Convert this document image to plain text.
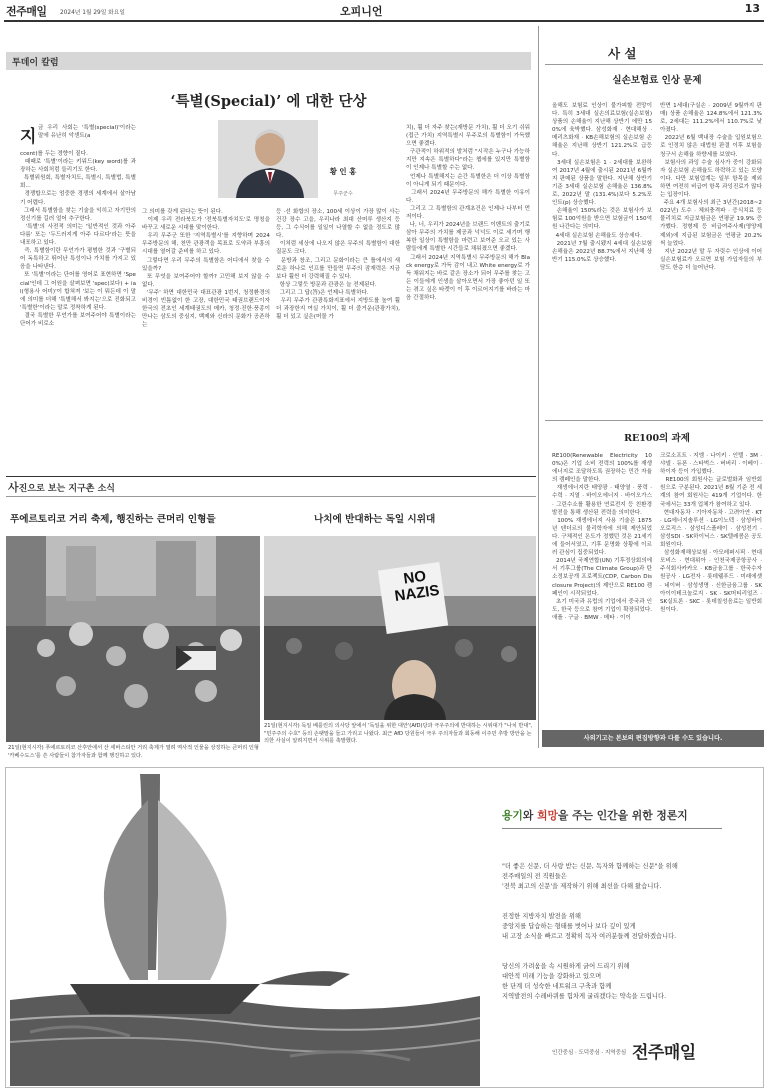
전주매일 2024년 1월 29일 화요일	오피니언	13
투데이 칼럼
‘특별(Special)’ 에 대한 단상
지 금 우리 사회는 '특별(special)'이라는 말에 유난히 악센트(a
ccent)를 두는 경향이 짙다.
때때로 '특별'이라는 키워드(key word)를 과장하는 사회처럼 들리기도 한다.
특별위원회, 특별자치도, 특별시, 특별법, 특별회...
경쟁합으로는 엄중한 경쟁의 세계에서 살아남기 어렵다.
그래서 특별함을 찾는 기술을 익히고 자기만의 정신기를 길러 얼어 추구한다.
'특별'의 사전적 의미는 '일반적인 것과 아주 다름' 또는 '두드러지게 아주 다르다'라는 뜻을 내포하고 있다.
즉, 특별함이란 무언가가 평범한 것과 '구별되어 독특하고 뛰어난 특성이나 가치를 가지고 있음을 나타낸다.
또 '특별'이라는 단어를 영어로 표현하면 'Special'인데 그 어원을 살펴보면 'spec(보다) + ial(형용사 어미)'이 합쳐져 '보는 이 뭐든데 이 말에 의미를 더해 '특별해서 봐지는'으로 진화되고 '특별한'이라는 말로 정착하게 된다.
결국 특별한 무언가를 보여주어야 특별이라는 단어가 비로소
황 인 홍
무주군수
그 의미를 갖게 된다는 뜻이 된다.
이제 우리 전라북도가 '전북특별자치도'로 명칭을 바꾸고 새로운 시대를 맞이한다.
우리 무주군 또한 '지역특별시'를 지향하며 2024 무주방문의 해, 천만 관광객을 목표로 도약과 부흥의 시대를 열어갈 준비를 하고 있다.
그렇다면 우리 무주의 특별함은 어디에서 찾을 수 있을까?
또 무엇을 보여주어야 할까? 고민해 보지 않을 수 없다.
'무주' 하면 대한민국 대표관광 1번지, 청정환경의 비경이 빈틈없이 한 고장, 대한민국 태권브랜드이자 한국의 전초인 세계태권도의 메카, 청정·진한·풍종이 만나는 삼도의 중심지, 백제와 신라의 문화가 공존하는
등 ·선 화합의 장소, 100세 이상이 가장 많이 사는 건강 장수 고을, 우리나라 최대 산머루 생산지 등등, 그 수식어를 일일이 나열할 수 없을 정도로 많다.
이처럼 세상에 나오지 않은 무주의 특별함이 대한 질문도 크다.
문방과 창조, 그리고 문화이라는 큰 틀에서의 새로운 하나로 인프를 만들면 무주의 잠재력은 지금보다 훨씬 더 강력해질 수 있다.
항상 그렇듯 방문과 관광은 늘 전제된다.
그리고 그 답(答)은 언제나 특별하다.
우리 무주가 관광특화지표에서 지방도를 높여 훨 더 과장한지 여실 가치이, 훨 더 즐거운(관광가치), 훨 더 있고 싶은(머물 가
치), 훨 더 자주 찾는(재방문 가치), 훨 더 오기 쉬워(접근 가치) 지역특별시 무주로의 특별함이 가득했으면 좋겠다.
구관적이 하위적의 발처럼 "시작은 누구나 가능하지만 지속은 특별하다"라는 쳅에를 있지만 특별함이 인제나 특별할 수는 없다.
언제나 특별해지는 순간 특별한은 더 이상 특별함이 아니게 되기 때문이다.
그래서 2024년 무주방문의 해가 특별한 이유이다.
그리고 그 특별함의 관계초건은 인제나 나부터 먼저이다.
나, 너, 우리가 2024년을 브랜드 이벤트의 출기로 삼아 무주의 가치를 제공과 넉넉도 이로 세기며 행복한 일상이 특별함을 마련고 보여준 오교 있는 사람들에게 특별한 시간들로 채워졌으면 좋겠다.
그래서 2024년 지역특별시 무주방문의 해가 Black energy로 가득 감이 내고 White energy로 가득 채워지는 바로 같은 장소가 되어 무주를 찾는 고든 이들에게 인생을 살아오면서 가장 좋아던 일 또는 겪고 싶은 타켓이 이 후 이르어지기를 바라는 마음 간절하다.
사 설
실손보험료 인상 문제
올해도 보험료 인상이 불가피할 전망이다. 특히 3세대 실손의료보험(실손보험) 상품의 손해율이 지난해 상반기 에만 150%에 육박했다. 삼성화재 · 현대해상 · 메리츠화재 · KB손해보험의 실손보험 손해율은 지난해 상반기 121.2%로 급등다.
3세대 실손보험은 1 · 2세대를 보완하여 2017년 4월에 출시된 2021년 6월까지 판매된 상품을 말한다. 지난해 상반기 기준 3세대 실손보험 손해율은 136.8%로, 2022년 말 (131.4%)보다 5.2%포인트(p) 상승했다.
손해율이 150%라는 것은 보험사가 보험료 100억원을 받으면 보험금이 150억원 나간다는 의미다.
4세대 실손보험 손해율도 상승세다.
2021년 7월 출시됐지 4세대 실손보험 손해율은 2022년 88.7%에서 지난해 상반기 115.0%로 상승했다.
반면 1세대(구실손 · 2009년 9월까지 판매) 상품 손해율은 124.8%에서 121.3%로, 2세대는 111.2%에서 110.7%로 낮아졌다.
2022년 6월 백내장 수술을 입원보험으로 인정치 않은 대법원 판결 이후 보험을 청구서 손해율 하향세를 보였다.
보험사의 과잉 수술 심사가 중이 강화되자 실손보험 손해율도 하락하고 있는 모양이다. 다만 보험업계는 일부 항목을 제외하면 여전히 비급여 항목 과잉진료가 많다는 입장이다.
주요 4개 보험사의 최근 3년간(2018~2022년) 도수 · 체외충격파 · 증식치료 등 물리치료 지급보험금은 연평균 19.9% 증가했다. 정형제 등 비급여주사제(영양제 제외)에 지급된 보험금은 연평균 20.2%씩 늘었다.
지난 2022년 말 두 자릿수 인상에 이어 실손보험료가 오르면 보험 가입자들의 부담도 한층 더 늘어난다.
RE100의 과제
RE100(Renewable Electricity 100%)은 기업 소비 전력의 100%를 재생에너지로 조달하도록 권장하는 민간 자율의 캠페인을 말한다.
재생에너지란 태양광 · 태양열 · 풍력 · 수력 · 지열 · 바이오에너지 · 바이오가스 · 그린수소를 활용한 연료전지 등 친환경 발전을 통해 생산된 전력을 의미한다.
100% 재생에너지 사용 기술은 1875년 텐더르의 물리학자에 의해 제안되었다. 구체적인 온도가 정했던 것은 21세기에 들어서였고, 기후 문명화 상황에 이르러 관심이 집중되었다.
2014년 국제연합(UN) 기후정상회의에서 기후그룹(The Climate Group)과 탄소정보공개 프로젝트(CDP, Carbon Disclosure Project)의 제안으로 RE100 캠페인이 시작되었다.
초기 미국과 유럽의 기업에서 중국과 인도, 한국 등으로 참여 기업이 확장되었다. 애플 · 구글 · BMW · 메타 · 이이
크로소프트 · 지엠 · 나이키 · 인텔 · 3M · 샤넬 · 듀폰 · 스타벅스 · 버버리 · 이베이 · 하이자 등이 가입했다.
RE100의 회원사는 글로벌화과 임반회원으로 구분된다. 2021년 8월 기준 전 세계의 참여 회원사는 419개 기업이다. 한국에서는 33개 업체가 참여하고 있다.
현대자동차 · 기아자동차 · 고려아연 · KT · LG에너지솔루션 · LG이노텍 · 삼성바이오로직스 · 삼성디스플레이 · 삼성전기 · 삼성SDI · SK하이닉스 · SK텔레콤은 공도회원이다.
삼성화재해상보험 · 아모레퍼시픽 · 현대모비스 · 현대위아 · 인천국제공항공사 · 주식회사카카오 · KB금융그룹 · 한국수자원공사 · LG전자 · 롯데웰푸드 · 미래에셋 · 네이버 · 삼성생명 · 신한금융그룹 · SK아이이테크놀로지 · SK · SK머티리얼즈 · SK실트론 · SKC · 롯데칠성음료는 일반회원이다.
사외기고는 본보의 편집방향과 다를 수도 있습니다.
사진으로 보는 지구촌 소식
푸에르토리코 거리 축제, 행진하는 큰머리 인형들
21일(현지시각) 푸에르토리코 산후안에서 산 세바스티안 거리 축제가 열려 역사적 인물을 상징하는 큰머리 인형 '카베수도스'를 쓴 사람들이 참가자들과 함께 행진하고 있다.
나치에 반대하는 독일 시위대
NO
NAZIS
21일(현지시각) 독일 베를린의 의사당 앞에서 '독일을 위한 대안'(AfD)당과 극우주의에 반대하는 시위대가 "나치 반대", "민주주의 수호" 등의 손팻말을 들고 가리고 나왔다. 최근 AfD 당원들이 극우 주의자들과 회동해 이주민 추방 방안을 논의한 사실이 알려지면서 시위를 촉발했다.
용기와 희망을 주는 인간을 위한 정론지
"더 좋은 신문, 더 사랑 받는 신문, 독자와 함께하는 신문"을 위해
전주매일의 전 직원들은
'전북 최고의 신문'을 제작하기 위해 최선을 다해 왔습니다.
진정한 지방자치 발전을 위해
중앙지를 답습하는 형태를 벗어나 보다 깊이 있게
내 고장 소식을 빠르고 정확히 독자 여러분들께 전달하겠습니다.
당신의 가려움을 속 시원하게 긁어 드리기 위해
대안적 미래 기능을 강화하고 있으며
한 단계 더 성숙한 네트워크 구축과 함께
지역발전의 수레바퀴를 힘차게 굴리겠다는 약속을 드립니다.
인간중심 · 도덕중심 · 지역중심 전주매일
